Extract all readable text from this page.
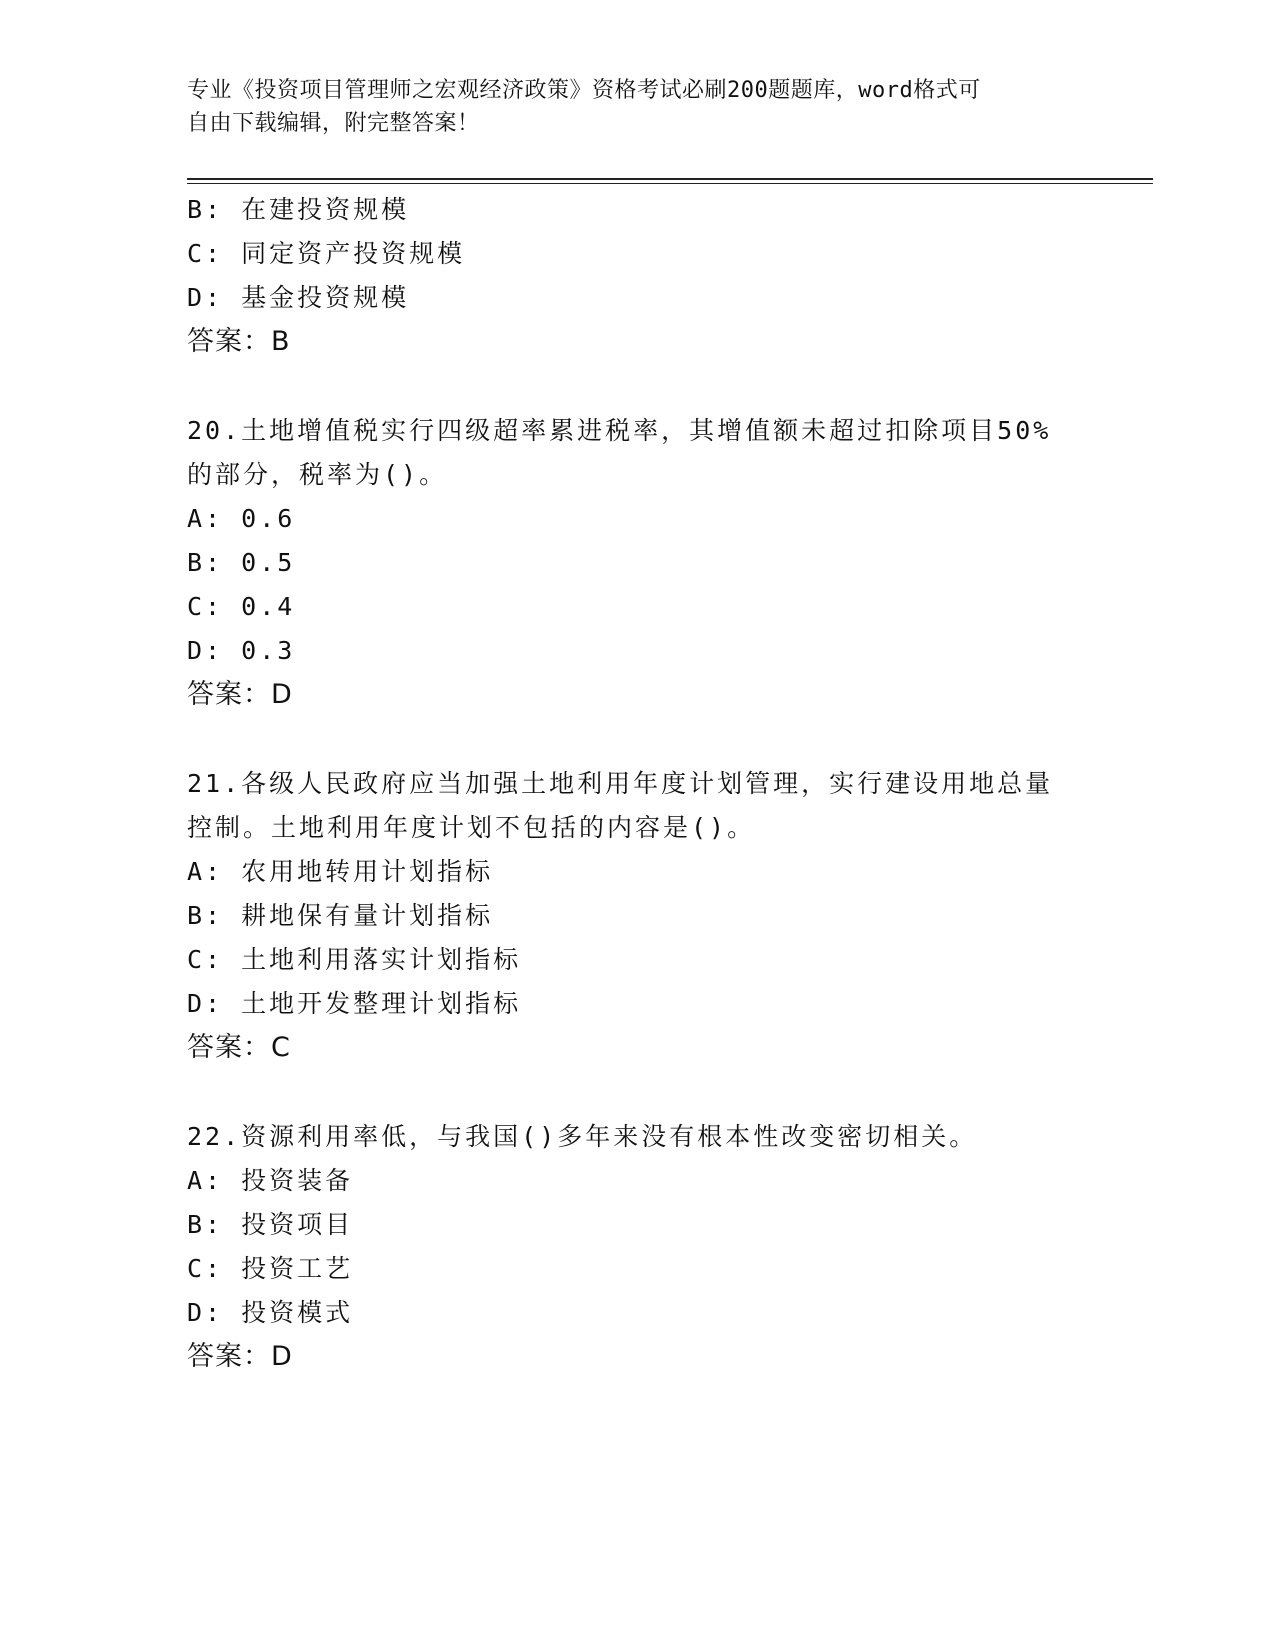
专业《投资项目管理师之宏观经济政策》资格考试必刷200题题库，word格式可
自由下载编辑，附完整答案！
B: 在建投资规模
C: 同定资产投资规模
D: 基金投资规模
答案：B
20.土地增值税实行四级超率累进税率，其增值额未超过扣除项目50%
的部分，税率为()。
A: 0.6
B: 0.5
C: 0.4
D: 0.3
答案：D
21.各级人民政府应当加强土地利用年度计划管理，实行建设用地总量
控制。土地利用年度计划不包括的内容是()。
A: 农用地转用计划指标
B: 耕地保有量计划指标
C: 土地利用落实计划指标
D: 土地开发整理计划指标
答案：C
22.资源利用率低，与我国()多年来没有根本性改变密切相关。
A: 投资装备
B: 投资项目
C: 投资工艺
D: 投资模式
答案：D
